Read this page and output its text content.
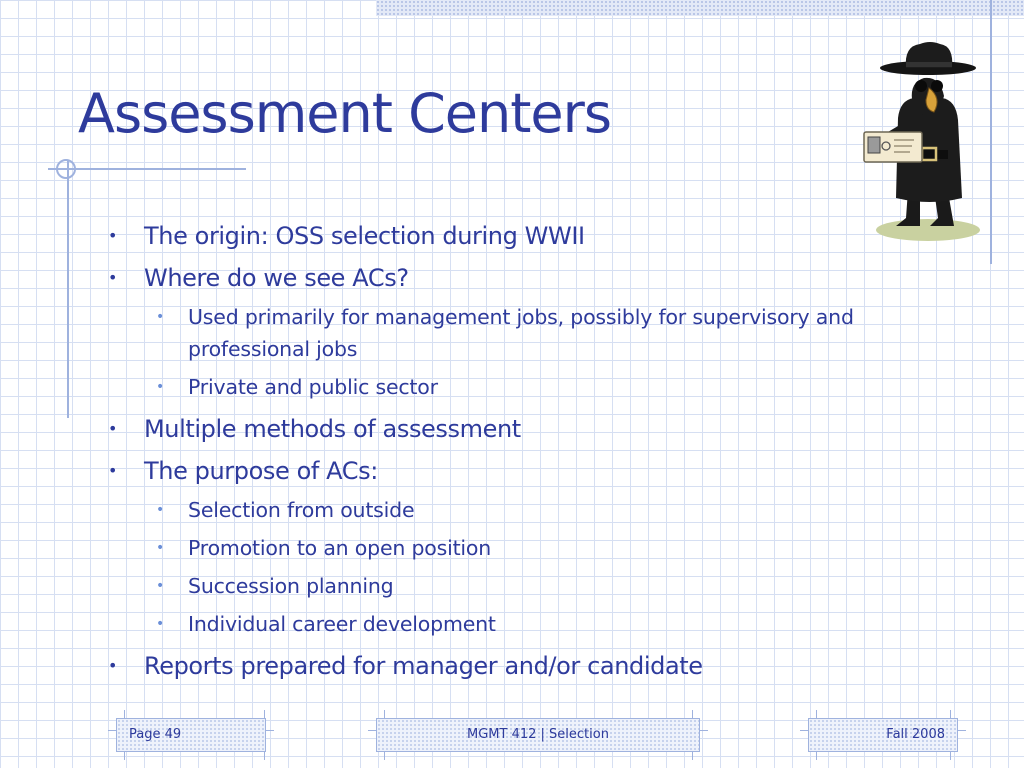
Assessment Centers
• The origin: OSS selection during WWII
• Where do we see ACs?
• Used primarily for management jobs, possibly for supervisory and professional jobs
• Private and public sector
• Multiple methods of assessment
• The purpose of ACs:
• Selection from outside
• Promotion to an open position
• Succession planning
• Individual career development
• Reports prepared for manager and/or candidate
Page 49	MGMT 412 | Selection	Fall 2008
